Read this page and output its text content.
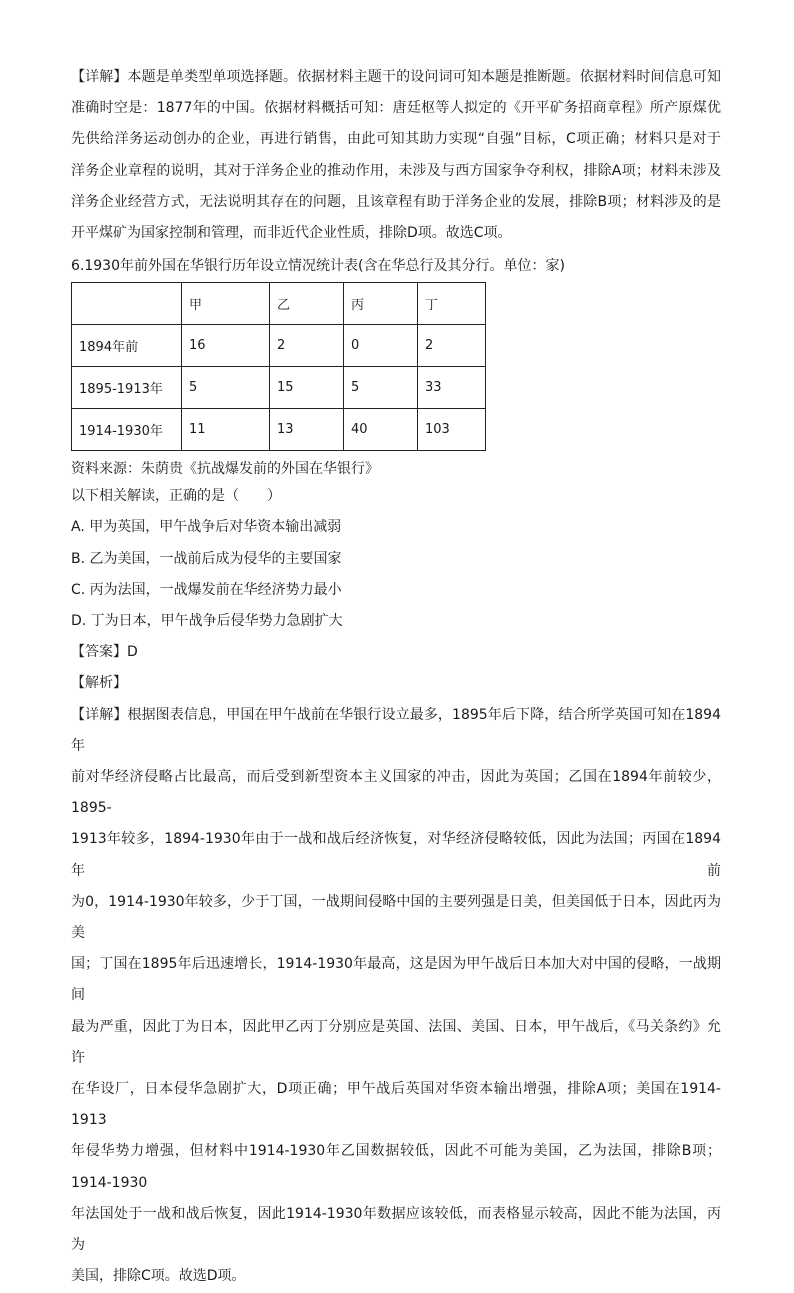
【详解】本题是单类型单项选择题。依据材料主题干的设问词可知本题是推断题。依据材料时间信息可知
准确时空是：1877年的中国。依据材料概括可知：唐廷枢等人拟定的《开平矿务招商章程》所产原煤优
先供给洋务运动创办的企业，再进行销售，由此可知其助力实现“自强”目标，C项正确；材料只是对于
洋务企业章程的说明，其对于洋务企业的推动作用，未涉及与西方国家争夺利权，排除A项；材料未涉及
洋务企业经营方式，无法说明其存在的问题，且该章程有助于洋务企业的发展，排除B项；材料涉及的是
开平煤矿为国家控制和管理，而非近代企业性质，排除D项。故选C项。
6.1930年前外国在华银行历年设立情况统计表(含在华总行及其分行。单位：家)
	甲	乙	丙	丁
1894年前	16	2	0	2
1895-1913年	5	15	5	33
1914-1930年	11	13	40	103
资料来源：朱荫贵《抗战爆发前的外国在华银行》
以下相关解读，正确的是（　　）
A. 甲为英国，甲午战争后对华资本输出减弱
B. 乙为美国，一战前后成为侵华的主要国家
C. 丙为法国，一战爆发前在华经济势力最小
D. 丁为日本，甲午战争后侵华势力急剧扩大
【答案】D
【解析】
【详解】根据图表信息，甲国在甲午战前在华银行设立最多，1895年后下降，结合所学英国可知在1894年
前对华经济侵略占比最高，而后受到新型资本主义国家的冲击，因此为英国；乙国在1894年前较少，1895-
1913年较多，1894-1930年由于一战和战后经济恢复，对华经济侵略较低，因此为法国；丙国在1894年前
为0，1914-1930年较多，少于丁国，一战期间侵略中国的主要列强是日美，但美国低于日本，因此丙为美
国；丁国在1895年后迅速增长，1914-1930年最高，这是因为甲午战后日本加大对中国的侵略，一战期间
最为严重，因此丁为日本，因此甲乙丙丁分别应是英国、法国、美国、日本，甲午战后，《马关条约》允许
在华设厂，日本侵华急剧扩大，D项正确；甲午战后英国对华资本输出增强，排除A项；美国在1914-1913
年侵华势力增强，但材料中1914-1930年乙国数据较低，因此不可能为美国，乙为法国，排除B项；1914-1930
年法国处于一战和战后恢复，因此1914-1930年数据应该较低，而表格显示较高，因此不能为法国，丙为
美国，排除C项。故选D项。
